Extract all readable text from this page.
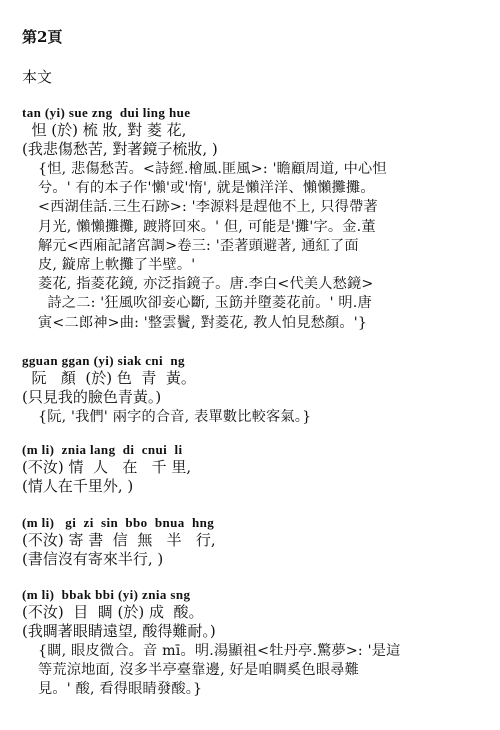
第2頁
本文
tan (yi) sue zng  dui ling hue
怛 (於) 梳 妝, 對 菱 花,
(我悲傷愁苦, 對著鏡子梳妝, )
{怛, 悲傷愁苦。<詩經.檜風.匪風>: '瞻顧周道, 中心怛
兮。' 有的本子作'懶'或'惰', 就是懶洋洋、懶懶攤攤。
<西湖佳話.三生石跡>: '李源料是趕他不上, 只得帶著
月光, 懶懶攤攤, 踱將回來。' 但, 可能是'攤'字。金.董
解元<西廂記諸宮調>卷三: '歪著頭避著, 通紅了面
皮, 鏇席上軟攤了半壁。'
菱花, 指菱花鏡, 亦泛指鏡子。唐.李白<代美人愁鏡>
詩之二: '狂風吹卻妾心斷, 玉筯并墮菱花前。' 明.唐
寅<二郎神>曲: '整雲鬢, 對菱花, 教人怕見愁顏。'}
gguan ggan (yi) siak cni  ng
阮   顏  (於) 色  青  黃。
(只見我的臉色青黃。)
{阮, '我們' 兩字的合音, 表單數比較客氣。}
(m li)  znia lang  di  cnui  li
(不汝) 情  人   在   千 里,
(情人在千里外, )
(m li)   gi  zi  sin  bbo  bnua  hng
(不汝) 寄 書  信  無   半   行,
(書信沒有寄來半行, )
(m li)  bbak bbi (yi) znia sng
(不汝)  目  睭 (於) 成  酸。
(我睭著眼睛遠望, 酸得難耐。)
{睭, 眼皮微合。音 mī。明.湯顯祖<牡丹亭.驚夢>: '是這
等荒涼地面, 沒多半亭臺靠邊, 好是咱睭奚色眼尋難
見。' 酸, 看得眼睛發酸。}
